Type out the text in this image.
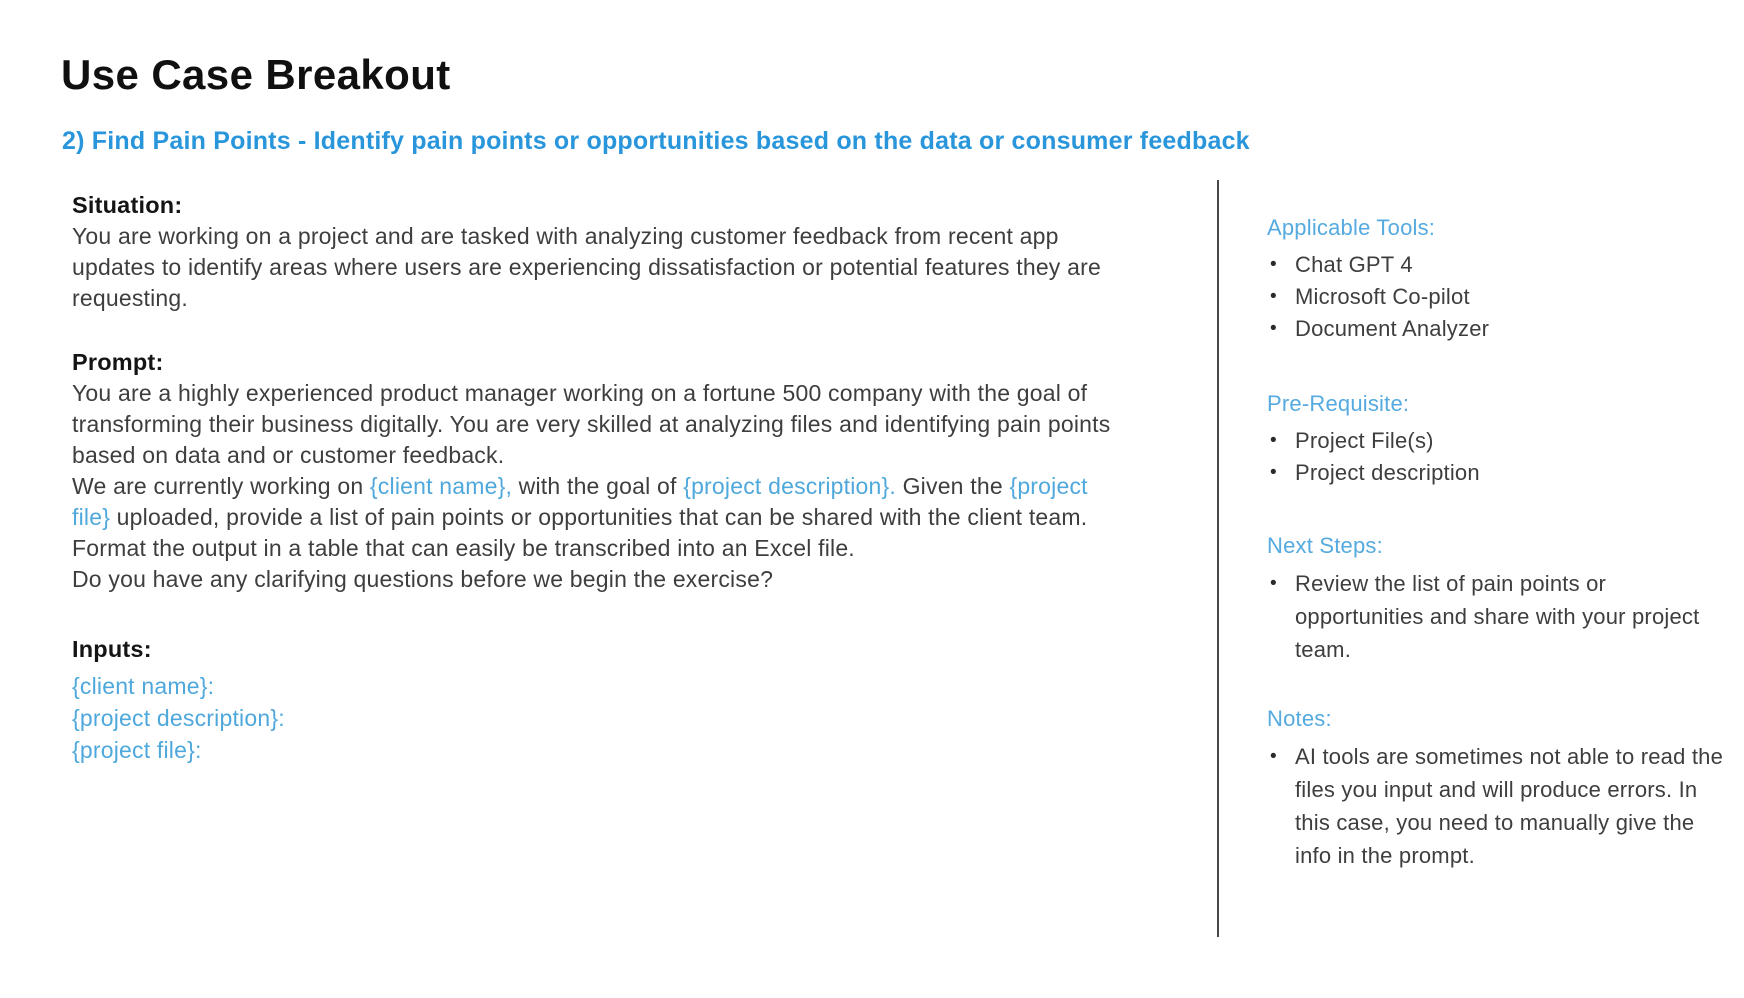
Use Case Breakout
2) Find Pain Points - Identify pain points or opportunities based on the data or consumer feedback
Situation:

You are working on a project and are tasked with analyzing customer feedback from recent app updates to identify areas where users are experiencing dissatisfaction or potential features they are requesting.

Prompt:

You are a highly experienced product manager working on a fortune 500 company with the goal of transforming their business digitally. You are very skilled at analyzing files and identifying pain points based on data and or customer feedback.

We are currently working on {client name}, with the goal of {project description}. Given the {project file} uploaded, provide a list of pain points or opportunities that can be shared with the client team.

Format the output in a table that can easily be transcribed into an Excel file.

Do you have any clarifying questions before we begin the exercise?

Inputs:
{client name}:
{project description}:
{project file}:
Applicable Tools:
• Chat GPT 4
• Microsoft Co-pilot
• Document Analyzer
Pre-Requisite:
• Project File(s)
• Project description
Next Steps:
• Review the list of pain points or opportunities and share with your project team.
Notes:
• AI tools are sometimes not able to read the files you input and will produce errors. In this case, you need to manually give the info in the prompt.
